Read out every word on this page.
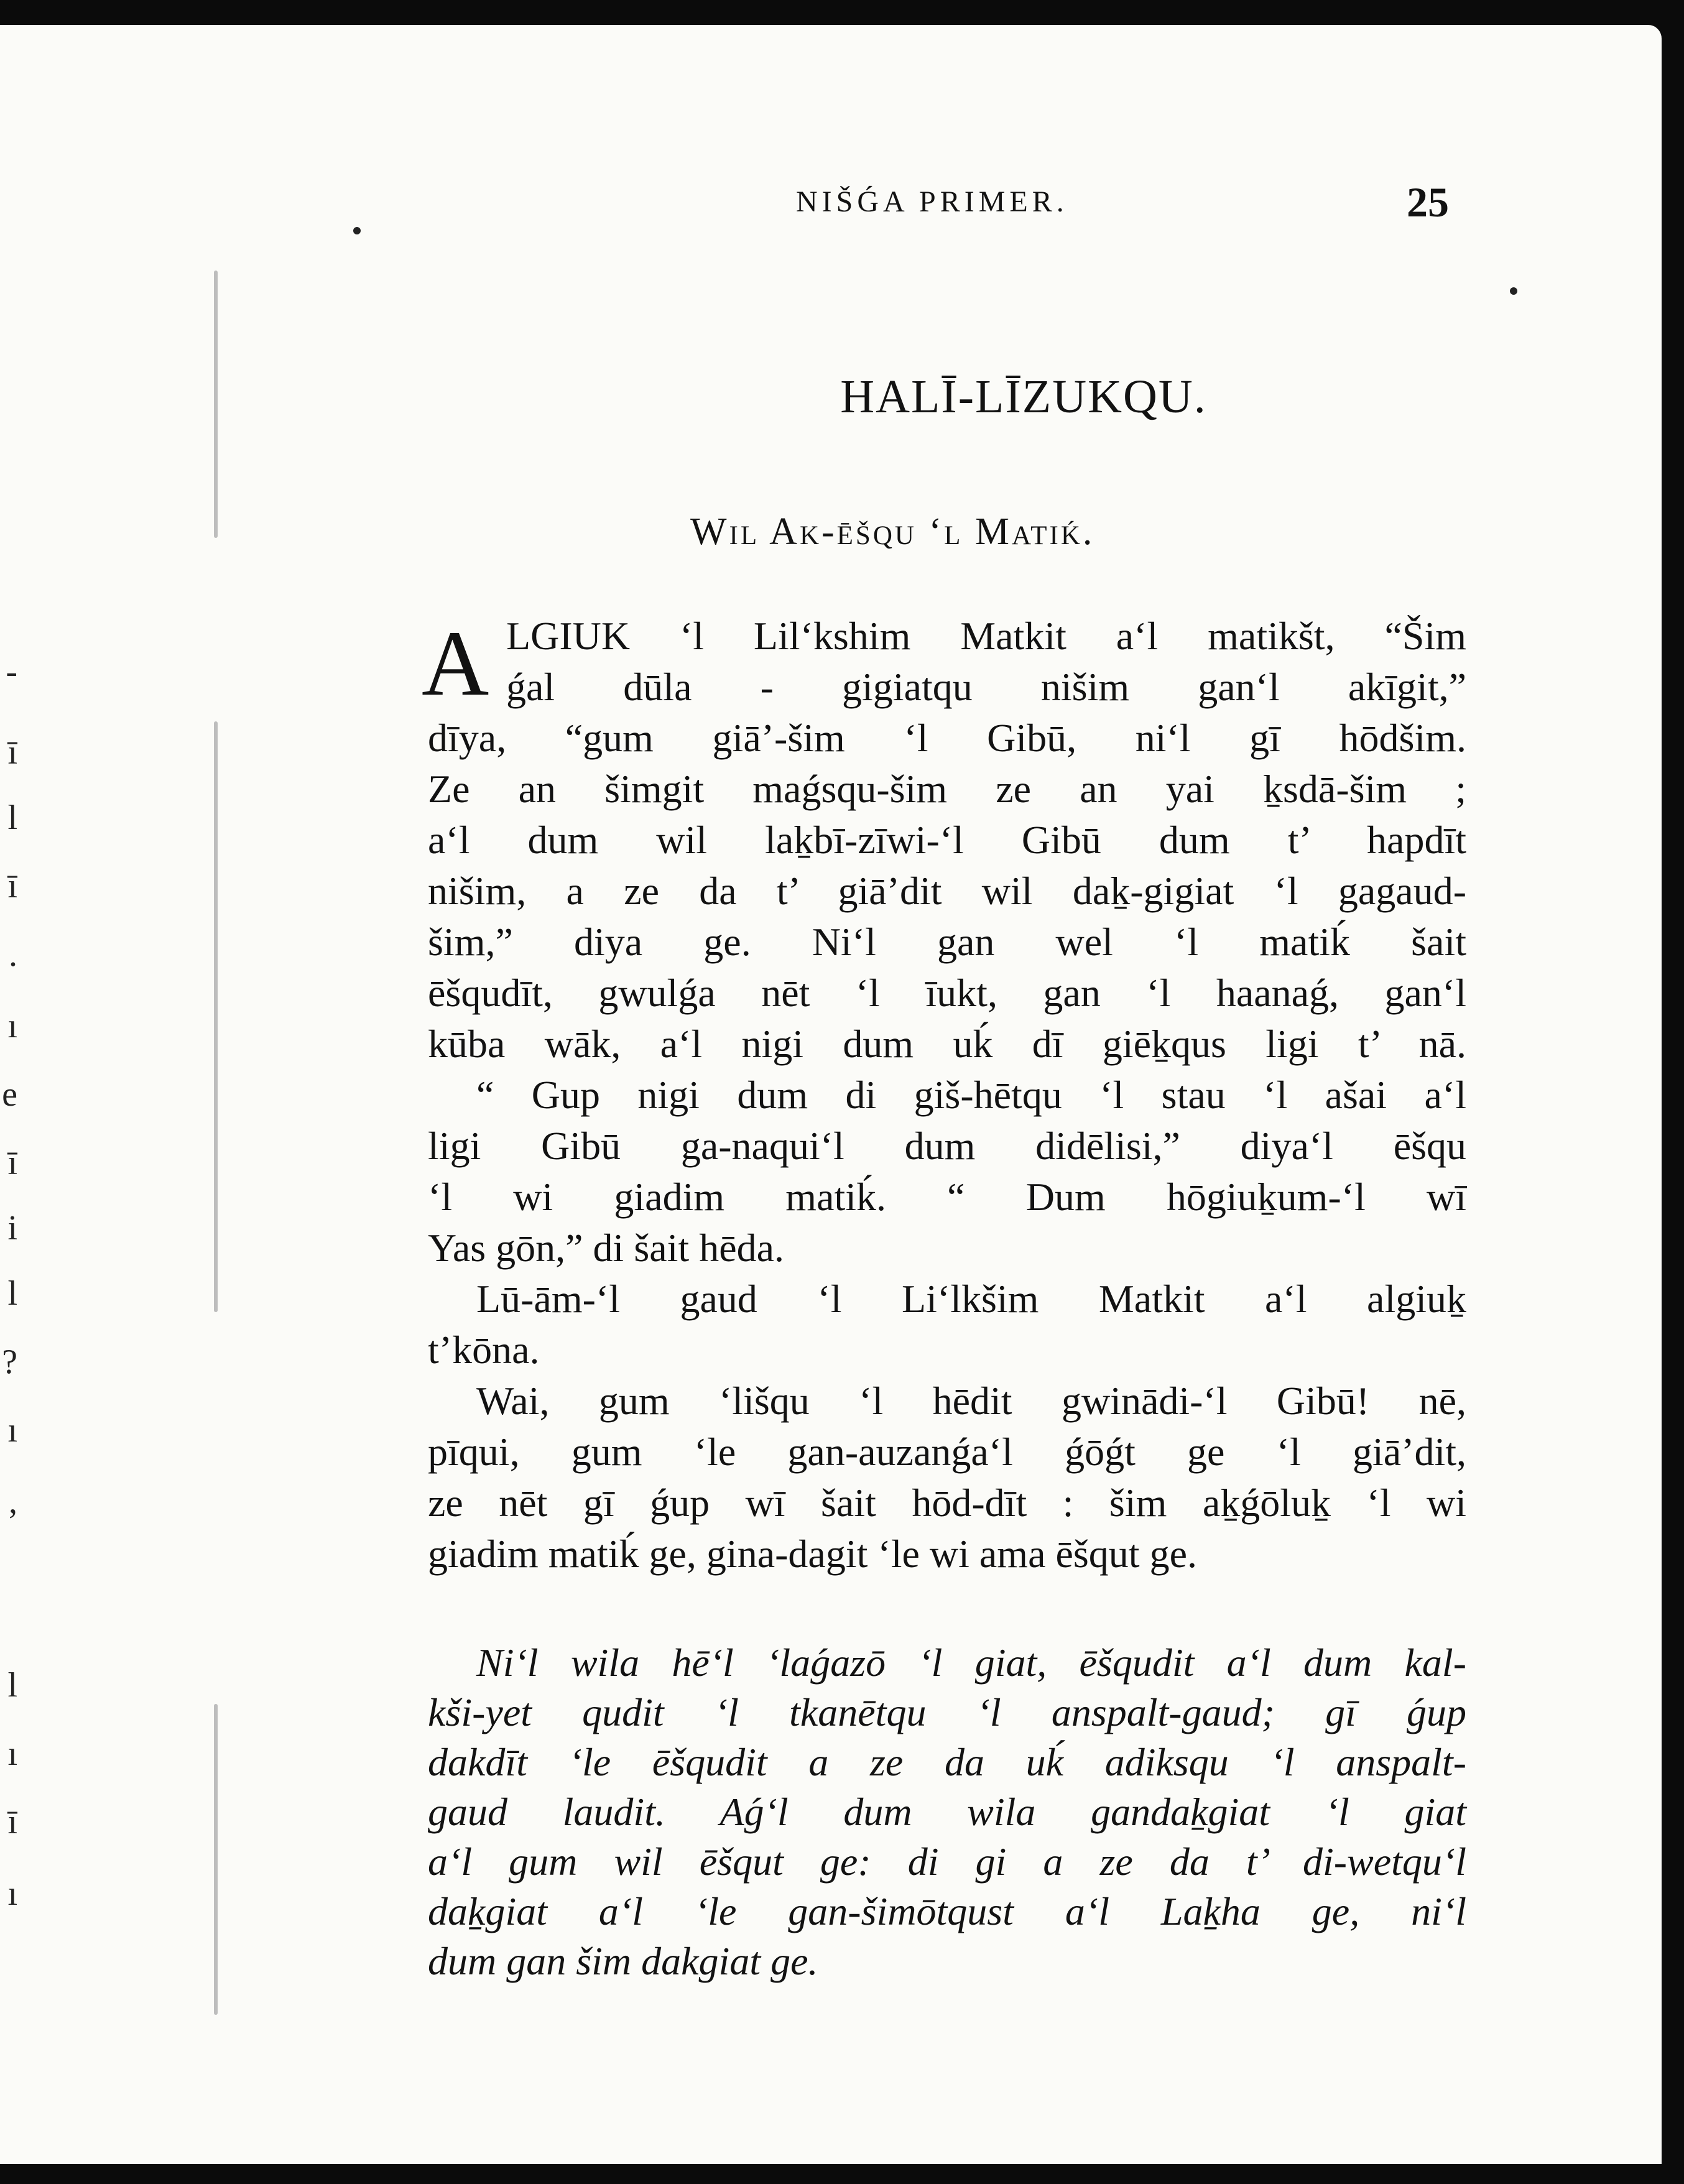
-
ī
l
ī
.
ı
e
ī
i
l
?
ı
,
l
ı
ī
ı
NIŠǴA PRIMER.	25
HALĪ-LĪZUKQU.
Wil Ak-ēšqu ‘l Matiḱ.
A LGIUK ‘l Lil‘kshim Matkit a‘l matikšt, “Šim
ǵal dūla - gigiatqu nišim gan‘l akīgit,”
dīya, “gum giā’-šim ‘l Gibū, ni‘l gī hōdšim.
Ze an šimgit maǵsqu-šim ze an yai ḵsdā-šim ;
a‘l dum wil laḵbī-zīwi-‘l Gibū dum t’ hapdīt
nišim, a ze da t’ giā’dit wil daḵ-gigiat ‘l gagaud-
šim,” diya ge. Ni‘l gan wel ‘l matiḱ šait
ēšqudīt, gwulǵa nēt ‘l īukt, gan ‘l haanaǵ, gan‘l
kūba wāk, a‘l nigi dum uḱ dī giēḵqus ligi t’ nā.
“ Gup nigi dum di giš-hētqu ‘l stau ‘l ašai a‘l
ligi Gibū ga-naqui‘l dum didēlisi,” diya‘l ēšqu
‘l wi giadim matiḱ. “ Dum hōgiuḵum-‘l wī
Yas gōn,” di šait hēda.
Lū-ām-‘l gaud ‘l Li‘lkšim Matkit a‘l algiuḵ
t’kōna.
Wai, gum ‘lišqu ‘l hēdit gwinādi-‘l Gibū! nē,
pīqui, gum ‘le gan-auzanǵa‘l ǵōǵt ge ‘l giā’dit,
ze nēt gī ǵup wī šait hōd-dīt : šim aḵǵōluḵ ‘l wi
giadim matiḱ ge, gina-dagit ‘le wi ama ēšqut ge.
Ni‘l wila hē‘l ‘laǵazō ‘l giat, ēšqudit a‘l dum kal-
kši-yet qudit ‘l tkanētqu ‘l anspalt-gaud; gī ǵup
dakdīt ‘le ēšqudit a ze da uḱ adiksqu ‘l anspalt-
gaud laudit. Aǵ‘l dum wila gandaḵgiat ‘l giat
a‘l gum wil ēšqut ge: di gi a ze da t’ di-wetqu‘l
daḵgiat a‘l ‘le gan-šimōtqust a‘l Laḵha ge, ni‘l
dum gan šim dakgiat ge.
